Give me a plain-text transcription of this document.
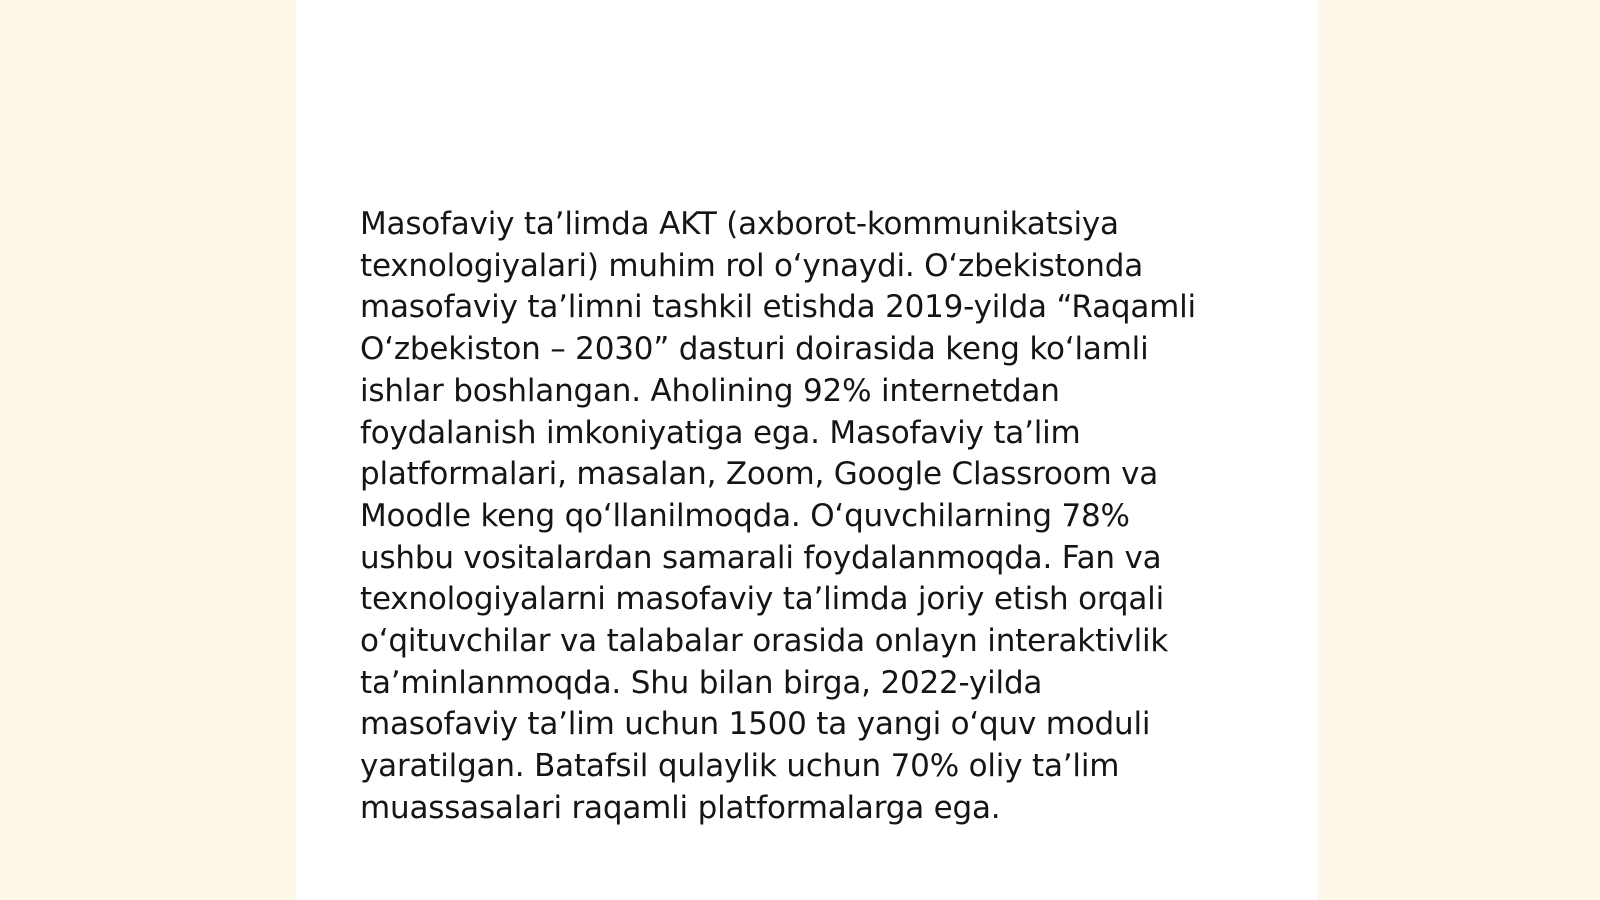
Masofaviy ta’limda AKT (axborot-kommunikatsiya
texnologiyalari) muhim rol o‘ynaydi. O‘zbekistonda
masofaviy ta’limni tashkil etishda 2019-yilda “Raqamli
O‘zbekiston – 2030” dasturi doirasida keng ko‘lamli
ishlar boshlangan. Aholining 92% internetdan
foydalanish imkoniyatiga ega. Masofaviy ta’lim
platformalari, masalan, Zoom, Google Classroom va
Moodle keng qo‘llanilmoqda. O‘quvchilarning 78%
ushbu vositalardan samarali foydalanmoqda. Fan va
texnologiyalarni masofaviy ta’limda joriy etish orqali
o‘qituvchilar va talabalar orasida onlayn interaktivlik
ta’minlanmoqda. Shu bilan birga, 2022-yilda
masofaviy ta’lim uchun 1500 ta yangi o‘quv moduli
yaratilgan. Batafsil qulaylik uchun 70% oliy ta’lim
muassasalari raqamli platformalarga ega.
